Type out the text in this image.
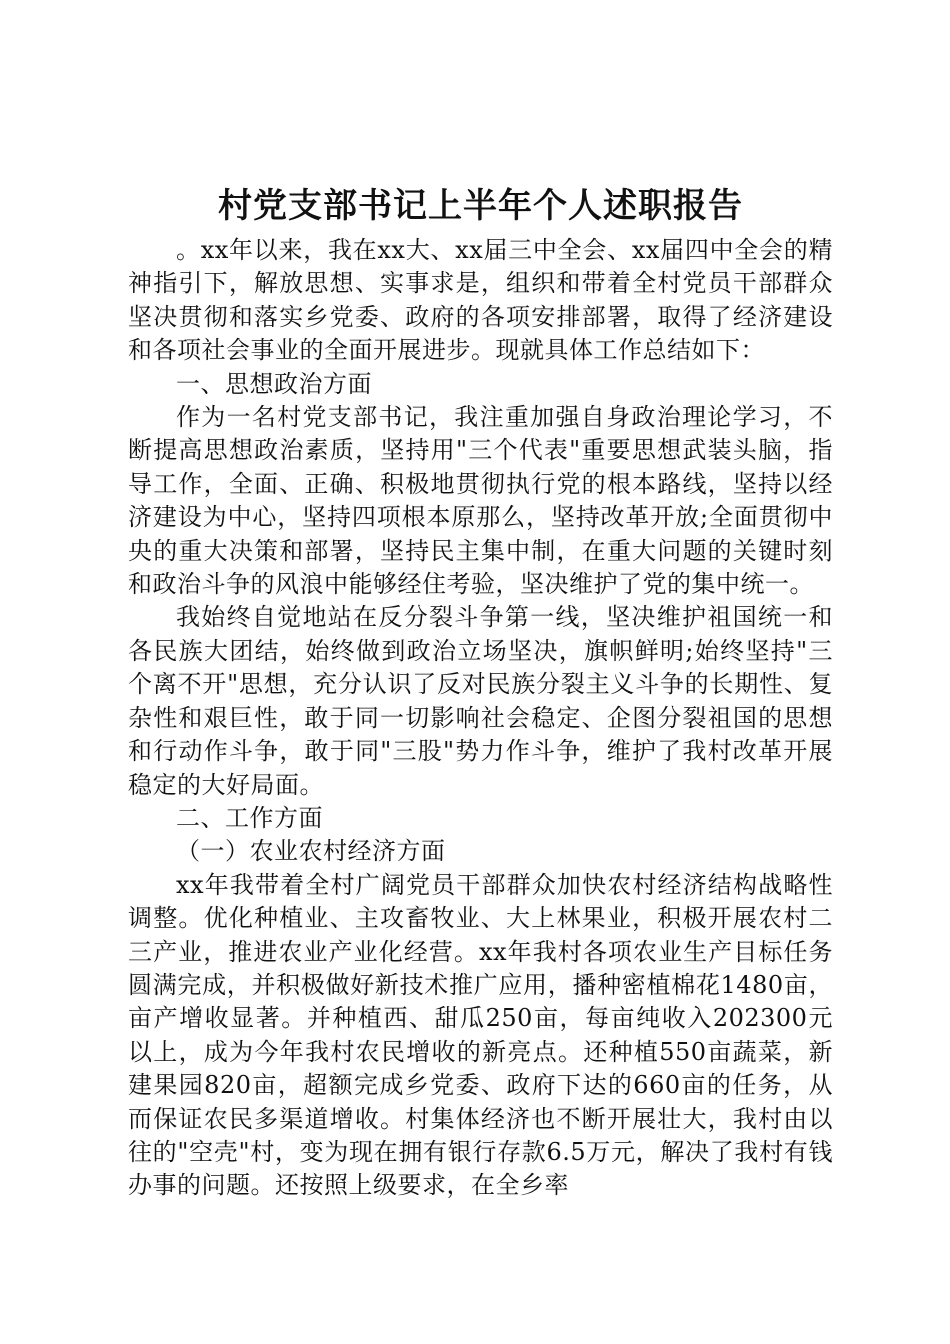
村党支部书记上半年个人述职报告

。xx年以来，我在xx大、xx届三中全会、xx届四中全会的精神指引下，解放思想、实事求是，组织和带着全村党员干部群众坚决贯彻和落实乡党委、政府的各项安排部署，取得了经济建设和各项社会事业的全面开展进步。现就具体工作总结如下：

一、思想政治方面

作为一名村党支部书记，我注重加强自身政治理论学习，不断提高思想政治素质，坚持用"三个代表"重要思想武装头脑，指导工作，全面、正确、积极地贯彻执行党的根本路线，坚持以经济建设为中心，坚持四项根本原那么，坚持改革开放;全面贯彻中央的重大决策和部署，坚持民主集中制，在重大问题的关键时刻和政治斗争的风浪中能够经住考验，坚决维护了党的集中统一。

我始终自觉地站在反分裂斗争第一线，坚决维护祖国统一和各民族大团结，始终做到政治立场坚决，旗帜鲜明;始终坚持"三个离不开"思想，充分认识了反对民族分裂主义斗争的长期性、复杂性和艰巨性，敢于同一切影响社会稳定、企图分裂祖国的思想和行动作斗争，敢于同"三股"势力作斗争，维护了我村改革开展稳定的大好局面。

二、工作方面

（一）农业农村经济方面

xx年我带着全村广阔党员干部群众加快农村经济结构战略性调整。优化种植业、主攻畜牧业、大上林果业，积极开展农村二三产业，推进农业产业化经营。xx年我村各项农业生产目标任务圆满完成，并积极做好新技术推广应用，播种密植棉花1480亩，亩产增收显著。并种植西、甜瓜250亩，每亩纯收入202300元以上，成为今年我村农民增收的新亮点。还种植550亩蔬菜，新建果园820亩，超额完成乡党委、政府下达的660亩的任务，从而保证农民多渠道增收。村集体经济也不断开展壮大，我村由以往的"空壳"村，变为现在拥有银行存款6.5万元，解决了我村有钱办事的问题。还按照上级要求，在全乡率
